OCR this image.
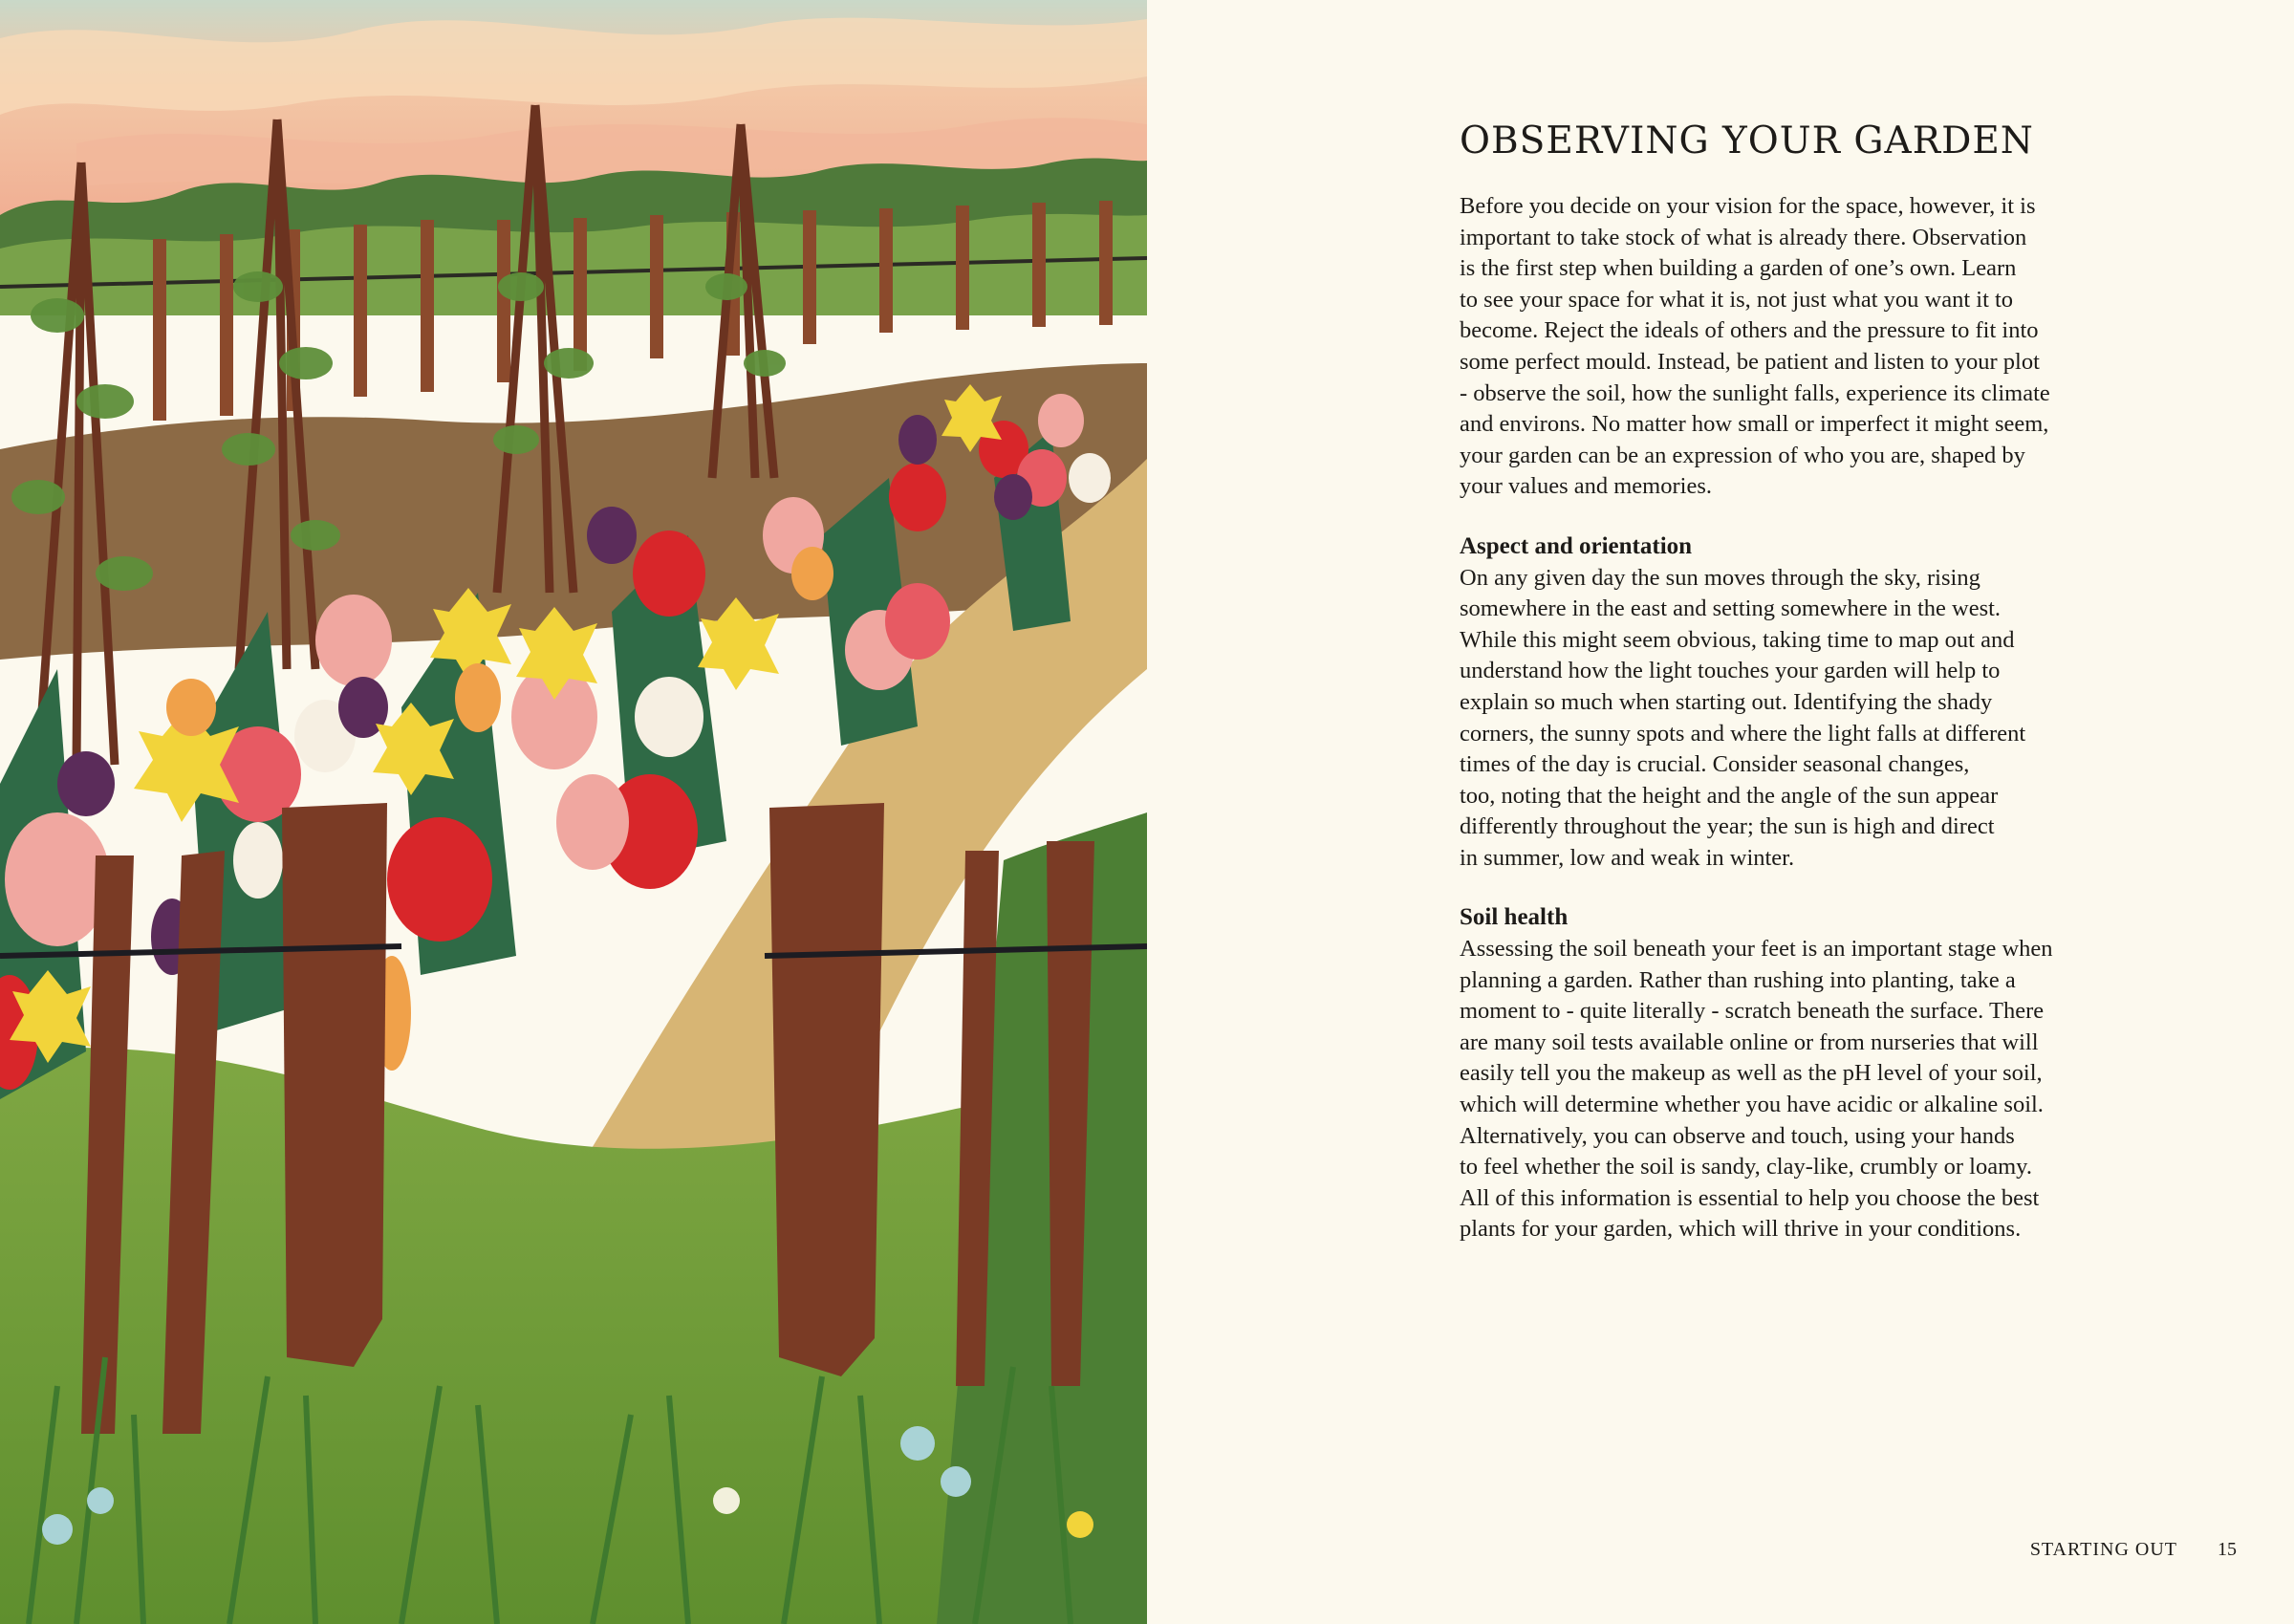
OBSERVING YOUR GARDEN

Before you decide on your vision for the space, however, it is
important to take stock of what is already there. Observation
is the first step when building a garden of one’s own. Learn
to see your space for what it is, not just what you want it to
become. Reject the ideals of others and the pressure to fit into
some perfect mould. Instead, be patient and listen to your plot
- observe the soil, how the sunlight falls, experience its climate
and environs. No matter how small or imperfect it might seem,
your garden can be an expression of who you are, shaped by
your values and memories.

Aspect and orientation

On any given day the sun moves through the sky, rising
somewhere in the east and setting somewhere in the west.
While this might seem obvious, taking time to map out and
understand how the light touches your garden will help to
explain so much when starting out. Identifying the shady
corners, the sunny spots and where the light falls at different
times of the day is crucial. Consider seasonal changes,
too, noting that the height and the angle of the sun appear
differently throughout the year; the sun is high and direct
in summer, low and weak in winter.

Soil health

Assessing the soil beneath your feet is an important stage when
planning a garden. Rather than rushing into planting, take a
moment to - quite literally - scratch beneath the surface. There
are many soil tests available online or from nurseries that will
easily tell you the makeup as well as the pH level of your soil,
which will determine whether you have acidic or alkaline soil.
Alternatively, you can observe and touch, using your hands
to feel whether the soil is sandy, clay-like, crumbly or loamy.
All of this information is essential to help you choose the best
plants for your garden, which will thrive in your conditions.

STARTING OUT 15
